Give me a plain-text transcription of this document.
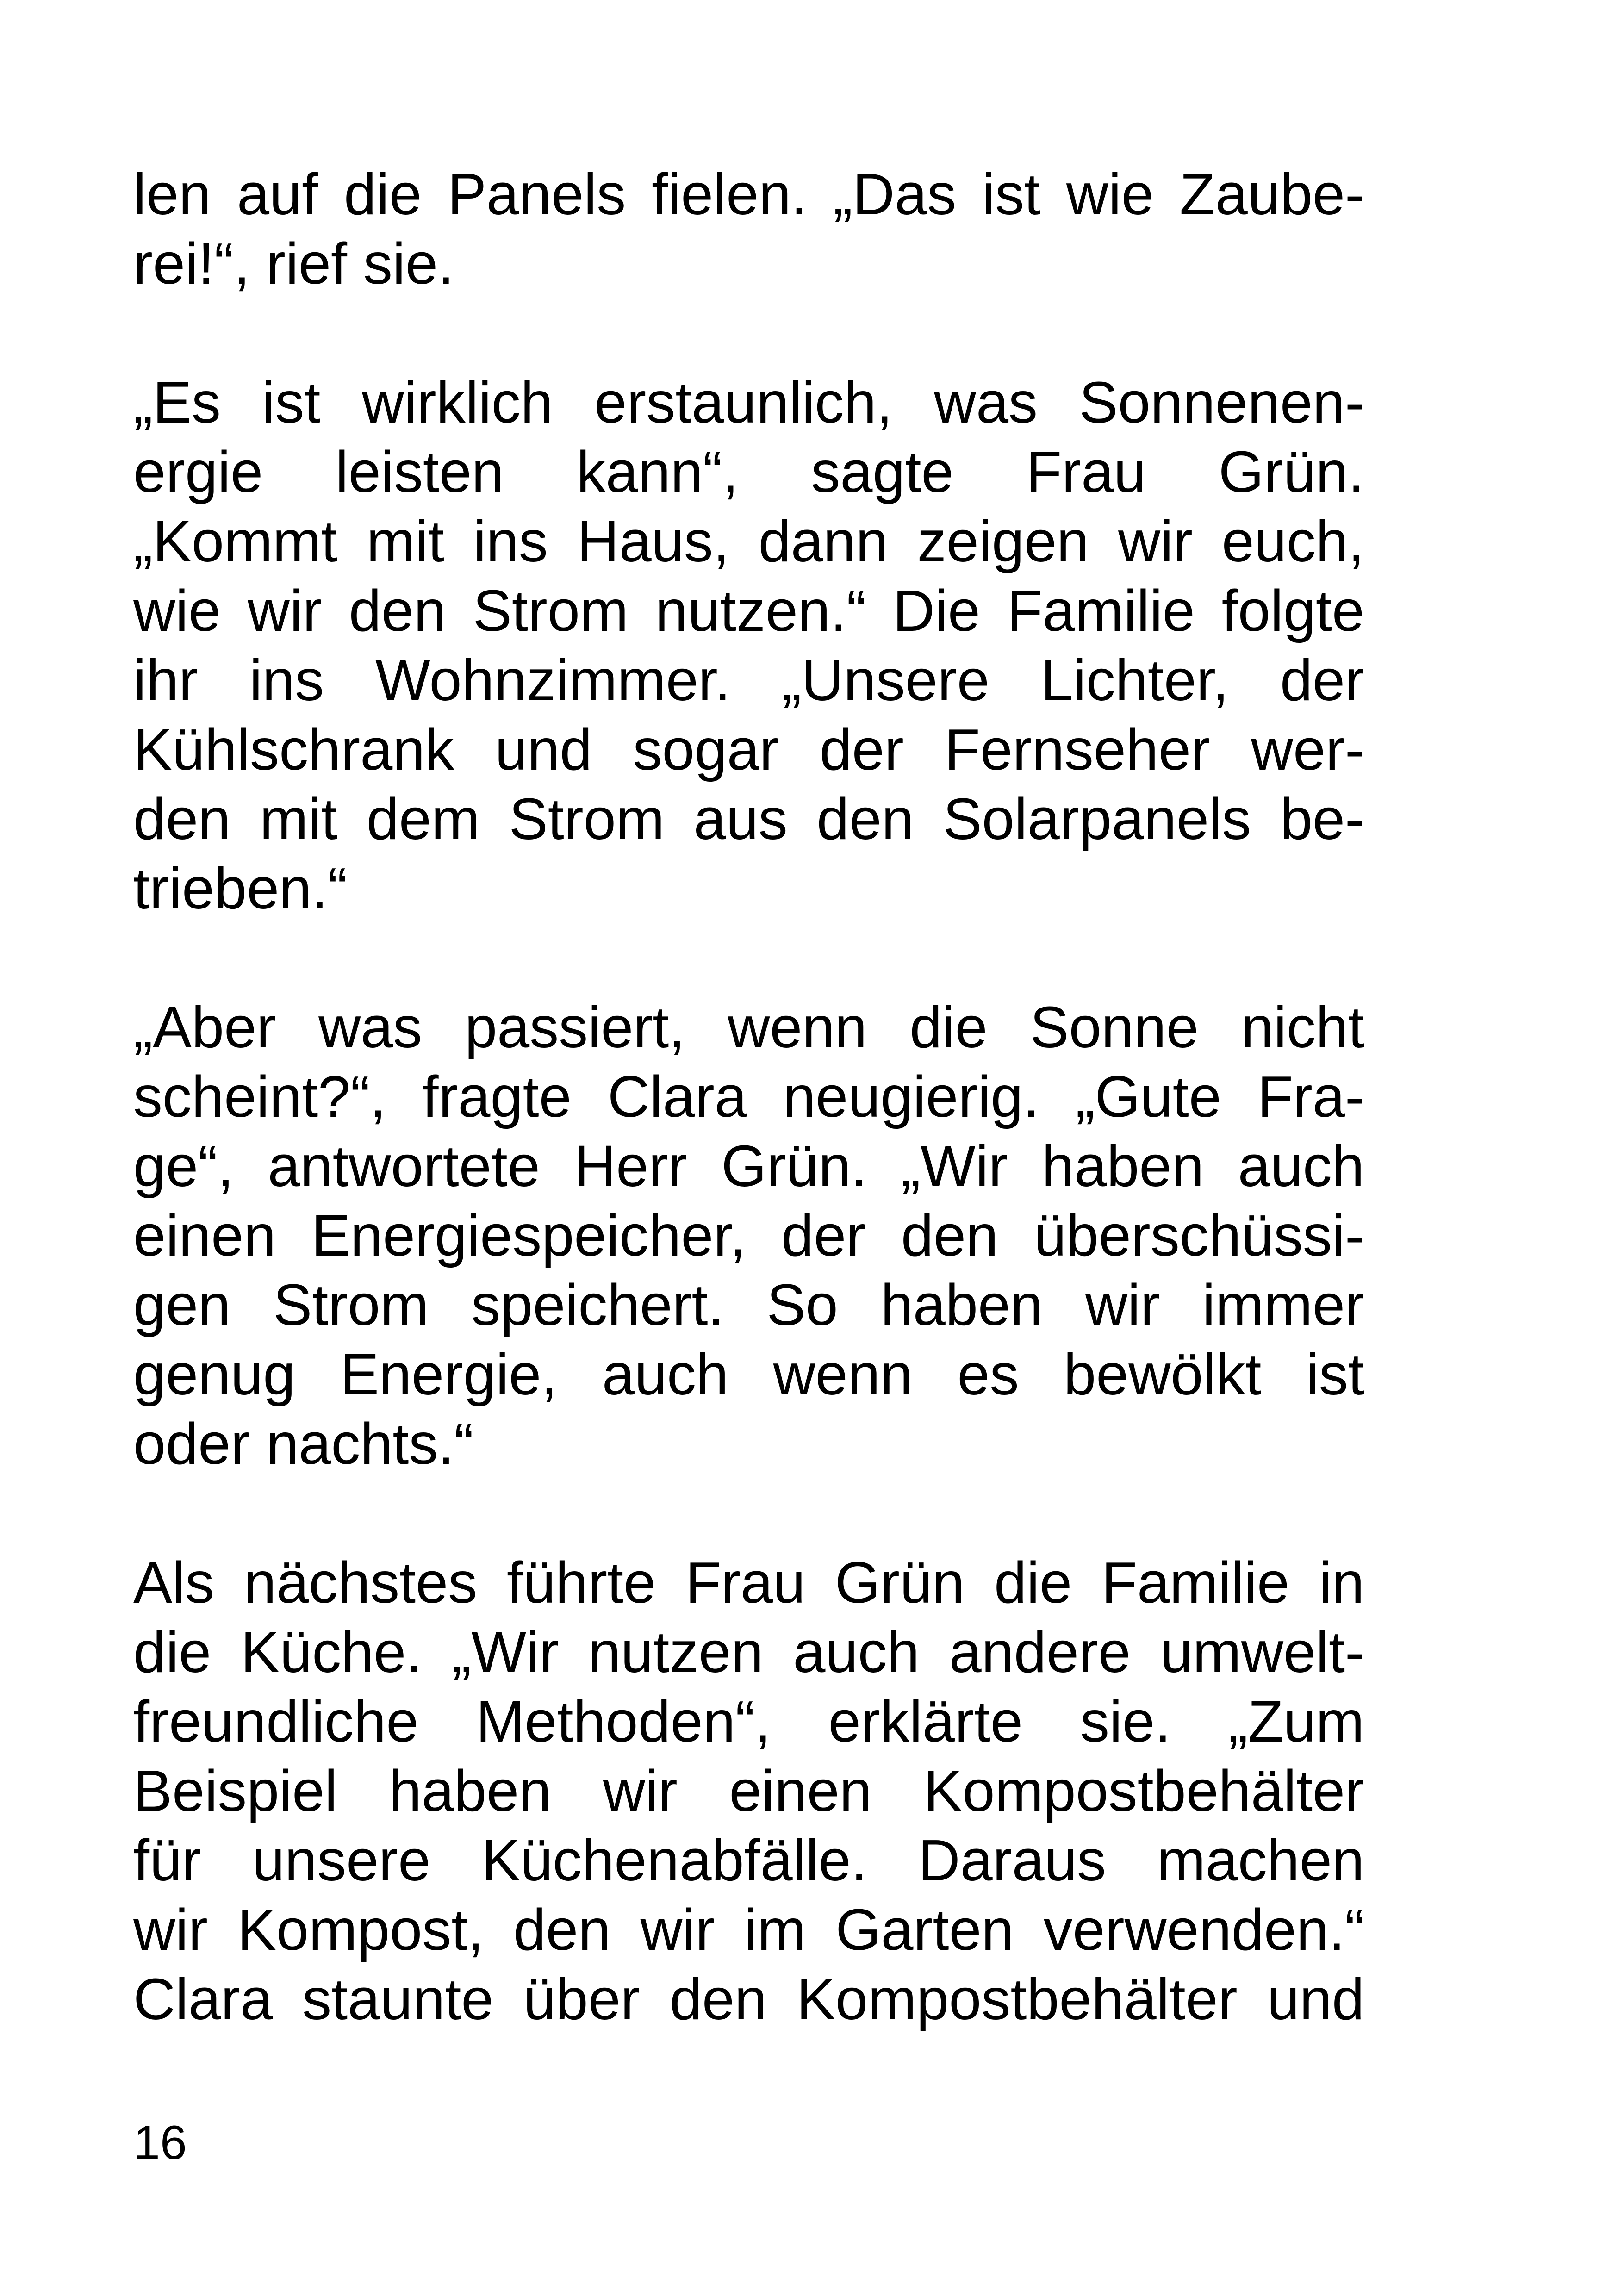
len auf die Panels fielen. „Das ist wie Zaube-
rei!“, rief sie.
„Es ist wirklich erstaunlich, was Sonnenen-
ergie leisten kann“, sagte Frau Grün.
„Kommt mit ins Haus, dann zeigen wir euch,
wie wir den Strom nutzen.“ Die Familie folgte
ihr ins Wohnzimmer. „Unsere Lichter, der
Kühlschrank und sogar der Fernseher wer-
den mit dem Strom aus den Solarpanels be-
trieben.“
„Aber was passiert, wenn die Sonne nicht
scheint?“, fragte Clara neugierig. „Gute Fra-
ge“, antwortete Herr Grün. „Wir haben auch
einen Energiespeicher, der den überschüssi-
gen Strom speichert. So haben wir immer
genug Energie, auch wenn es bewölkt ist
oder nachts.“
Als nächstes führte Frau Grün die Familie in
die Küche. „Wir nutzen auch andere umwelt-
freundliche Methoden“, erklärte sie. „Zum
Beispiel haben wir einen Kompostbehälter
für unsere Küchenabfälle. Daraus machen
wir Kompost, den wir im Garten verwenden.“
Clara staunte über den Kompostbehälter und
16
